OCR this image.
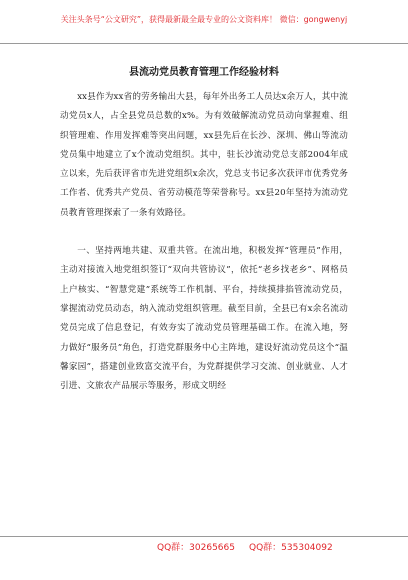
关注头条号“公文研究”，获得最新最全最专业的公文资料库！ 微信：gongwenyj
县流动党员教育管理工作经验材料

xx县作为xx省的劳务输出大县，每年外出务工人员达x余万人，其中流动党员x人，占全县党员总数的x%。为有效破解流动党员动向掌握难、组织管理难、作用发挥难等突出问题，xx县先后在长沙、深圳、佛山等流动党员集中地建立了x个流动党组织。其中，驻长沙流动党总支部2004年成立以来，先后获评省市先进党组织x余次，党总支书记多次获评市优秀党务工作者、优秀共产党员、省劳动模范等荣誉称号。xx县20年坚持为流动党员教育管理探索了一条有效路径。

一、坚持两地共建、双重共管。在流出地，积极发挥“管理员”作用，主动对接流入地党组织签订“双向共管协议”，依托“老乡找老乡”、网格员上户核实、“智慧党建”系统等工作机制、平台，持续摸排掐管流动党员，掌握流动党员动态，纳入流动党组织管理。截至目前，全县已有x余名流动党员完成了信息登记，有效夯实了流动党员管理基础工作。在流入地，努力做好“服务员”角色，打造党群服务中心主阵地，建设好流动党员这个“温馨家园”，搭建创业致富交流平台，为党群提供学习交流、创业就业、人才引进、文旅农产品展示等服务，形成文明经

QQ群：30265665 QQ群：535304092
